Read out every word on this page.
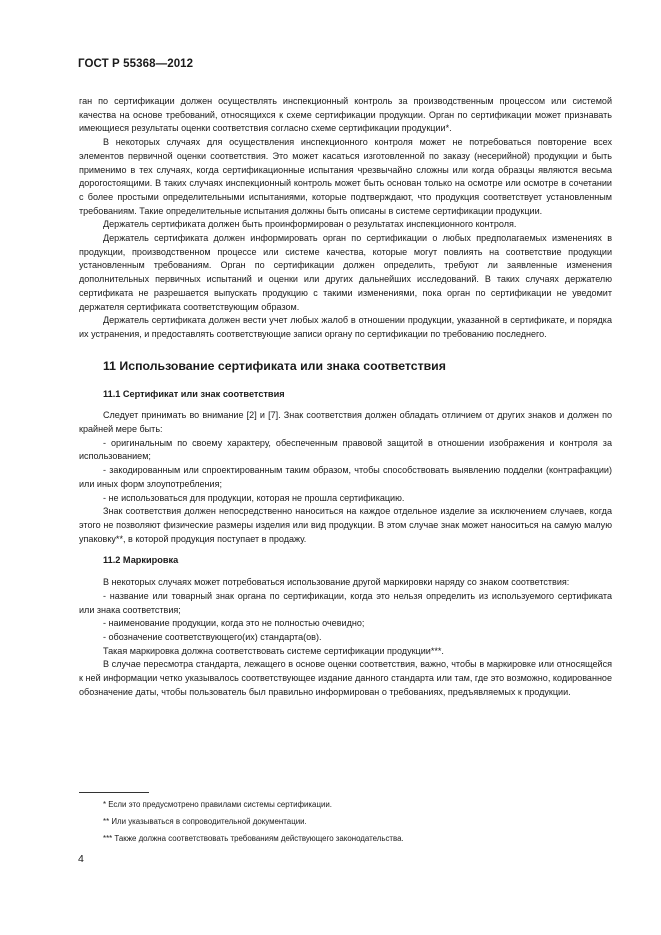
ГОСТ Р 55368—2012

ган по сертификации должен осуществлять инспекционный контроль за производственным процессом или системой качества на основе требований, относящихся к схеме сертификации продукции. Орган по сертификации может признавать имеющиеся результаты оценки соответствия согласно схеме сертификации продукции*.

В некоторых случаях для осуществления инспекционного контроля может не потребоваться повторение всех элементов первичной оценки соответствия. Это может касаться изготовленной по заказу (несерийной) продукции и быть применимо в тех случаях, когда сертификационные испытания чрезвычайно сложны или когда образцы являются весьма дорогостоящими. В таких случаях инспекционный контроль может быть основан только на осмотре или осмотре в сочетании с более простыми определительными испытаниями, которые подтверждают, что продукция соответствует установленным требованиям. Такие определительные испытания должны быть описаны в системе сертификации продукции.

Держатель сертификата должен быть проинформирован о результатах инспекционного контроля.

Держатель сертификата должен информировать орган по сертификации о любых предполагаемых изменениях в продукции, производственном процессе или системе качества, которые могут повлиять на соответствие продукции установленным требованиям. Орган по сертификации должен определить, требуют ли заявленные изменения дополнительных первичных испытаний и оценки или других дальнейших исследований. В таких случаях держателю сертификата не разрешается выпускать продукцию с такими изменениями, пока орган по сертификации не уведомит держателя сертификата соответствующим образом.

Держатель сертификата должен вести учет любых жалоб в отношении продукции, указанной в сертификате, и порядка их устранения, и предоставлять соответствующие записи органу по сертификации по требованию последнего.

11 Использование сертификата или знака соответствия
11.1 Сертификат или знак соответствия

Следует принимать во внимание [2] и [7]. Знак соответствия должен обладать отличием от других знаков и должен по крайней мере быть:

- оригинальным по своему характеру, обеспеченным правовой защитой в отношении изображения и контроля за использованием;

- закодированным или спроектированным таким образом, чтобы способствовать выявлению подделки (контрафакции) или иных форм злоупотребления;

- не использоваться для продукции, которая не прошла сертификацию.

Знак соответствия должен непосредственно наноситься на каждое отдельное изделие за исключением случаев, когда этого не позволяют физические размеры изделия или вид продукции. В этом случае знак может наноситься на самую малую упаковку**, в которой продукция поступает в продажу.

11.2 Маркировка

В некоторых случаях может потребоваться использование другой маркировки наряду со знаком соответствия:

- название или товарный знак органа по сертификации, когда это нельзя определить из используемого сертификата или знака соответствия;

- наименование продукции, когда это не полностью очевидно;

- обозначение соответствующего(их) стандарта(ов).

Такая маркировка должна соответствовать системе сертификации продукции***.

В случае пересмотра стандарта, лежащего в основе оценки соответствия, важно, чтобы в маркировке или относящейся к ней информации четко указывалось соответствующее издание данного стандарта или там, где это возможно, кодированное обозначение даты, чтобы пользователь был правильно информирован о требованиях, предъявляемых к продукции.

* Если это предусмотрено правилами системы сертификации.
** Или указываться в сопроводительной документации.
*** Также должна соответствовать требованиям действующего законодательства.
4
